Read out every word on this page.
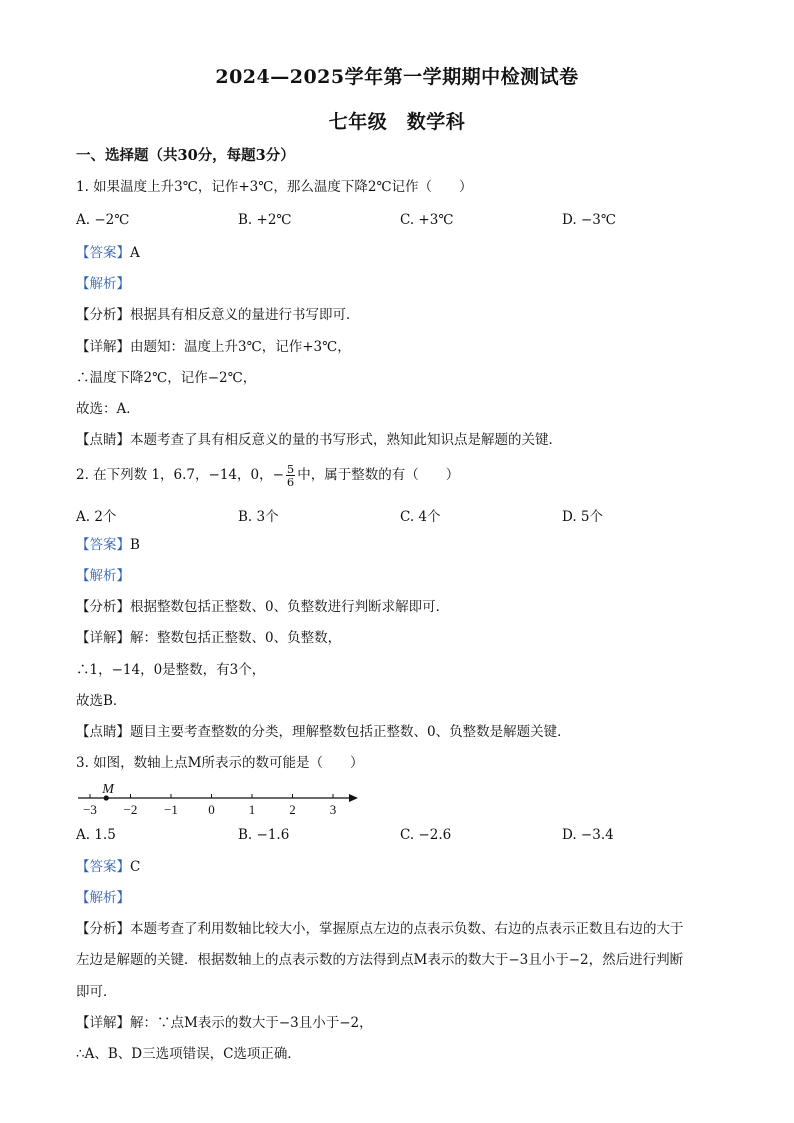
2024—2025学年第一学期期中检测试卷
七年级　数学科
一、选择题（共30分，每题3分）
1. 如果温度上升3℃，记作+3℃，那么温度下降2℃记作（　　）
A. −2℃	B. +2℃	C. +3℃	D. −3℃
【答案】A
【解析】
【分析】根据具有相反意义的量进行书写即可．
【详解】由题知：温度上升3℃，记作+3℃，
∴温度下降2℃，记作−2℃，
故选：A．
【点睛】本题考查了具有相反意义的量的书写形式，熟知此知识点是解题的关键．
2. 在下列数 1，6.7，−14，0，− $\frac{5}{6}$ 中，属于整数的有（　　）
A. 2个	B. 3个	C. 4个	D. 5个
【答案】B
【解析】
【分析】根据整数包括正整数、0、负整数进行判断求解即可．
【详解】解：整数包括正整数、0、负整数，
∴1，−14，0是整数，有3个，
故选B．
【点睛】题目主要考查整数的分类，理解整数包括正整数、0、负整数是解题关键．
3. 如图，数轴上点M所表示的数可能是（　　）
−3 −2 −1 0	1	2	3
M
A. 1.5	B. −1.6	C. −2.6	D. −3.4
【答案】C
【解析】
【分析】本题考查了利用数轴比较大小，掌握原点左边的点表示负数、右边的点表示正数且右边的大于
左边是解题的关键．根据数轴上的点表示数的方法得到点M表示的数大于−3且小于−2，然后进行判断
即可．
【详解】解：∵点M表示的数大于−3且小于−2，
∴A、B、D三选项错误，C选项正确．
